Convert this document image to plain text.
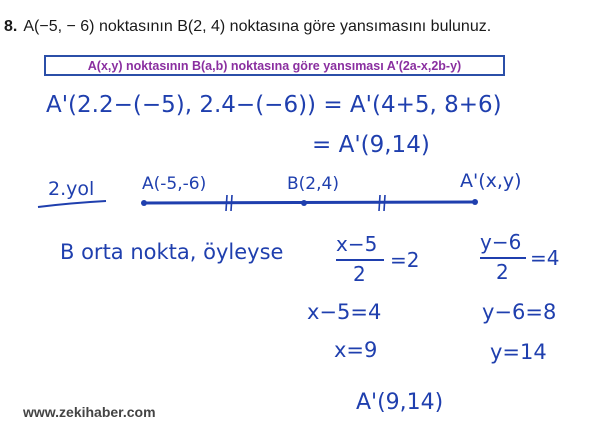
8. A(−5, − 6) noktasının B(2, 4) noktasına göre yansımasını bulunuz.
A(x,y) noktasının B(a,b) noktasına göre yansıması A'(2a-x,2b-y)
A'(2.2−(−5), 2.4−(−6)) = A'(4+5, 8+6)
= A'(9,14)
2.yol	A(-5,-6)	B(2,4)	A'(x,y)
B orta nokta, öyleyse	x−5
2
=2
y−6
2
=4
x−5=4	y−6=8
x=9	y=14
A'(9,14)
www.zekihaber.com
